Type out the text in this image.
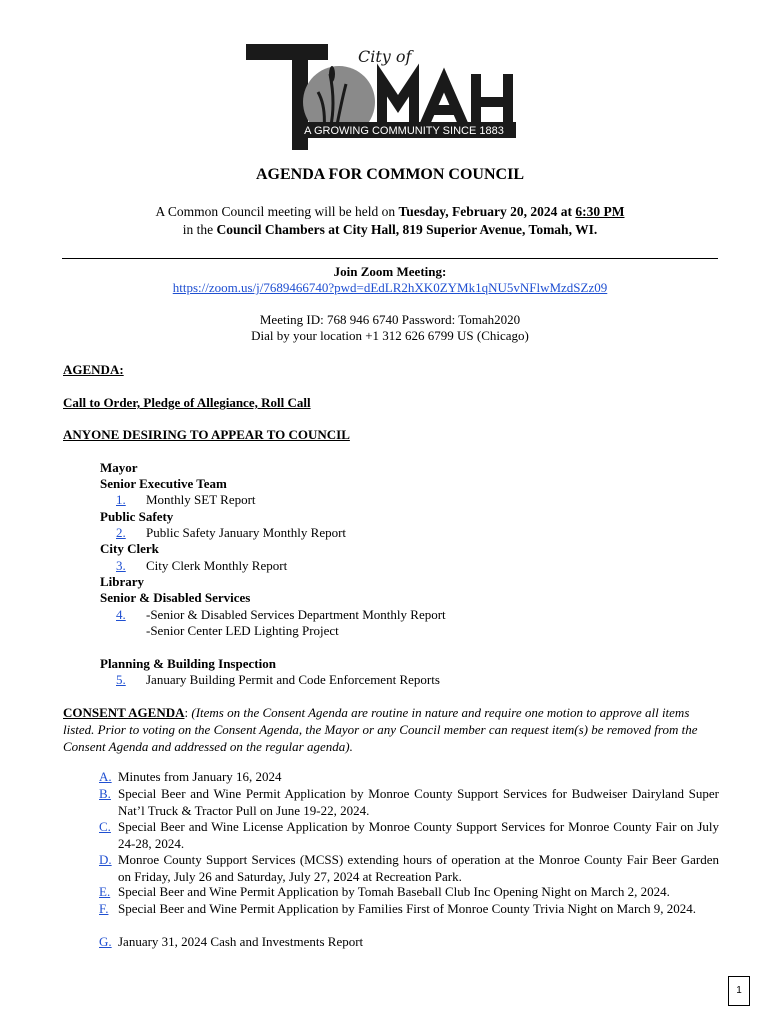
A GROWING COMMUNITY SINCE 1883
City of
AGENDA FOR COMMON COUNCIL
A Common Council meeting will be held on Tuesday, February 20, 2024 at 6:30 PM
in the Council Chambers at City Hall, 819 Superior Avenue, Tomah, WI.
Join Zoom Meeting:
https://zoom.us/j/7689466740?pwd=dEdLR2hXK0ZYMk1qNU5vNFlwMzdSZz09
Meeting ID: 768 946 6740 Password: Tomah2020
Dial by your location +1 312 626 6799 US (Chicago)
AGENDA:
Call to Order, Pledge of Allegiance, Roll Call
ANYONE DESIRING TO APPEAR TO COUNCIL
Mayor
Senior Executive Team
1. Monthly SET Report
Public Safety
2. Public Safety January Monthly Report
City Clerk
3. City Clerk Monthly Report
Library
Senior & Disabled Services
4. -Senior & Disabled Services Department Monthly Report
-Senior Center LED Lighting Project
Planning & Building Inspection
5. January Building Permit and Code Enforcement Reports
CONSENT AGENDA: (Items on the Consent Agenda are routine in nature and require one motion to approve all items listed. Prior to voting on the Consent Agenda, the Mayor or any Council member can request item(s) be removed from the Consent Agenda and addressed on the regular agenda).
A. Minutes from January 16, 2024
B. Special Beer and Wine Permit Application by Monroe County Support Services for Budweiser Dairyland Super Nat’l Truck & Tractor Pull on June 19-22, 2024.
C. Special Beer and Wine License Application by Monroe County Support Services for Monroe County Fair on July 24-28, 2024.
D. Monroe County Support Services (MCSS) extending hours of operation at the Monroe County Fair Beer Garden on Friday, July 26 and Saturday, July 27, 2024 at Recreation Park.
E. Special Beer and Wine Permit Application by Tomah Baseball Club Inc Opening Night on March 2, 2024.
F. Special Beer and Wine Permit Application by Families First of Monroe County Trivia Night on March 9, 2024.
G. January 31, 2024 Cash and Investments Report
1
